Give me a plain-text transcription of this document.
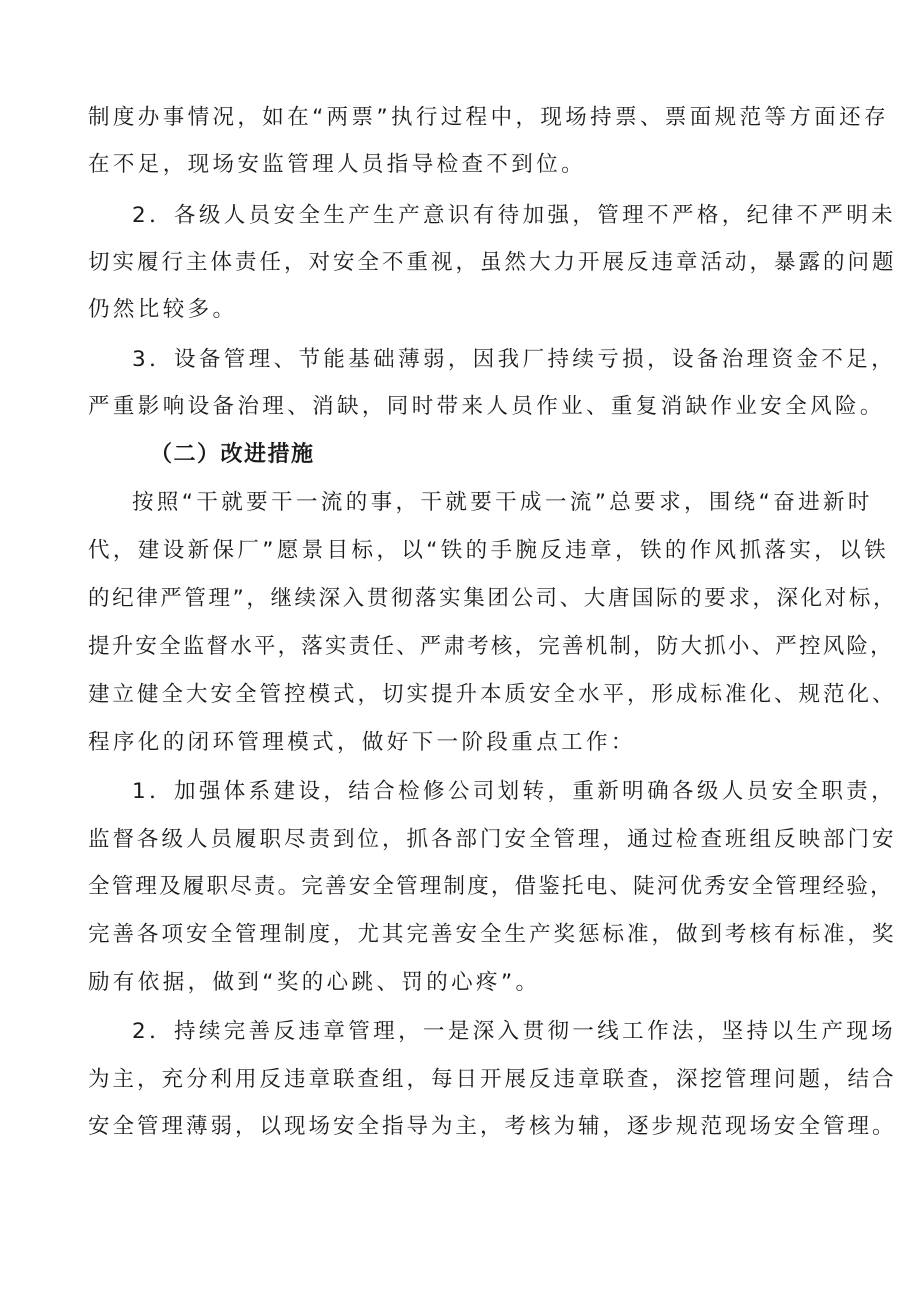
制度办事情况，如在“两票”执行过程中，现场持票、票面规范等方面还存
在不足，现场安监管理人员指导检查不到位。
2．各级人员安全生产生产意识有待加强，管理不严格，纪律不严明未
切实履行主体责任，对安全不重视，虽然大力开展反违章活动，暴露的问题
仍然比较多。
3．设备管理、节能基础薄弱，因我厂持续亏损，设备治理资金不足，
严重影响设备治理、消缺，同时带来人员作业、重复消缺作业安全风险。
（二）改进措施
按照“干就要干一流的事，干就要干成一流”总要求，围绕“奋进新时
代，建设新保厂”愿景目标，以“铁的手腕反违章，铁的作风抓落实，以铁
的纪律严管理”，继续深入贯彻落实集团公司、大唐国际的要求，深化对标，
提升安全监督水平，落实责任、严肃考核，完善机制，防大抓小、严控风险，
建立健全大安全管控模式，切实提升本质安全水平，形成标准化、规范化、
程序化的闭环管理模式，做好下一阶段重点工作：
1．加强体系建设，结合检修公司划转，重新明确各级人员安全职责，
监督各级人员履职尽责到位，抓各部门安全管理，通过检查班组反映部门安
全管理及履职尽责。完善安全管理制度，借鉴托电、陡河优秀安全管理经验，
完善各项安全管理制度，尤其完善安全生产奖惩标准，做到考核有标准，奖
励有依据，做到“奖的心跳、罚的心疼”。
2．持续完善反违章管理，一是深入贯彻一线工作法，坚持以生产现场
为主，充分利用反违章联查组，每日开展反违章联查，深挖管理问题，结合
安全管理薄弱，以现场安全指导为主，考核为辅，逐步规范现场安全管理。
